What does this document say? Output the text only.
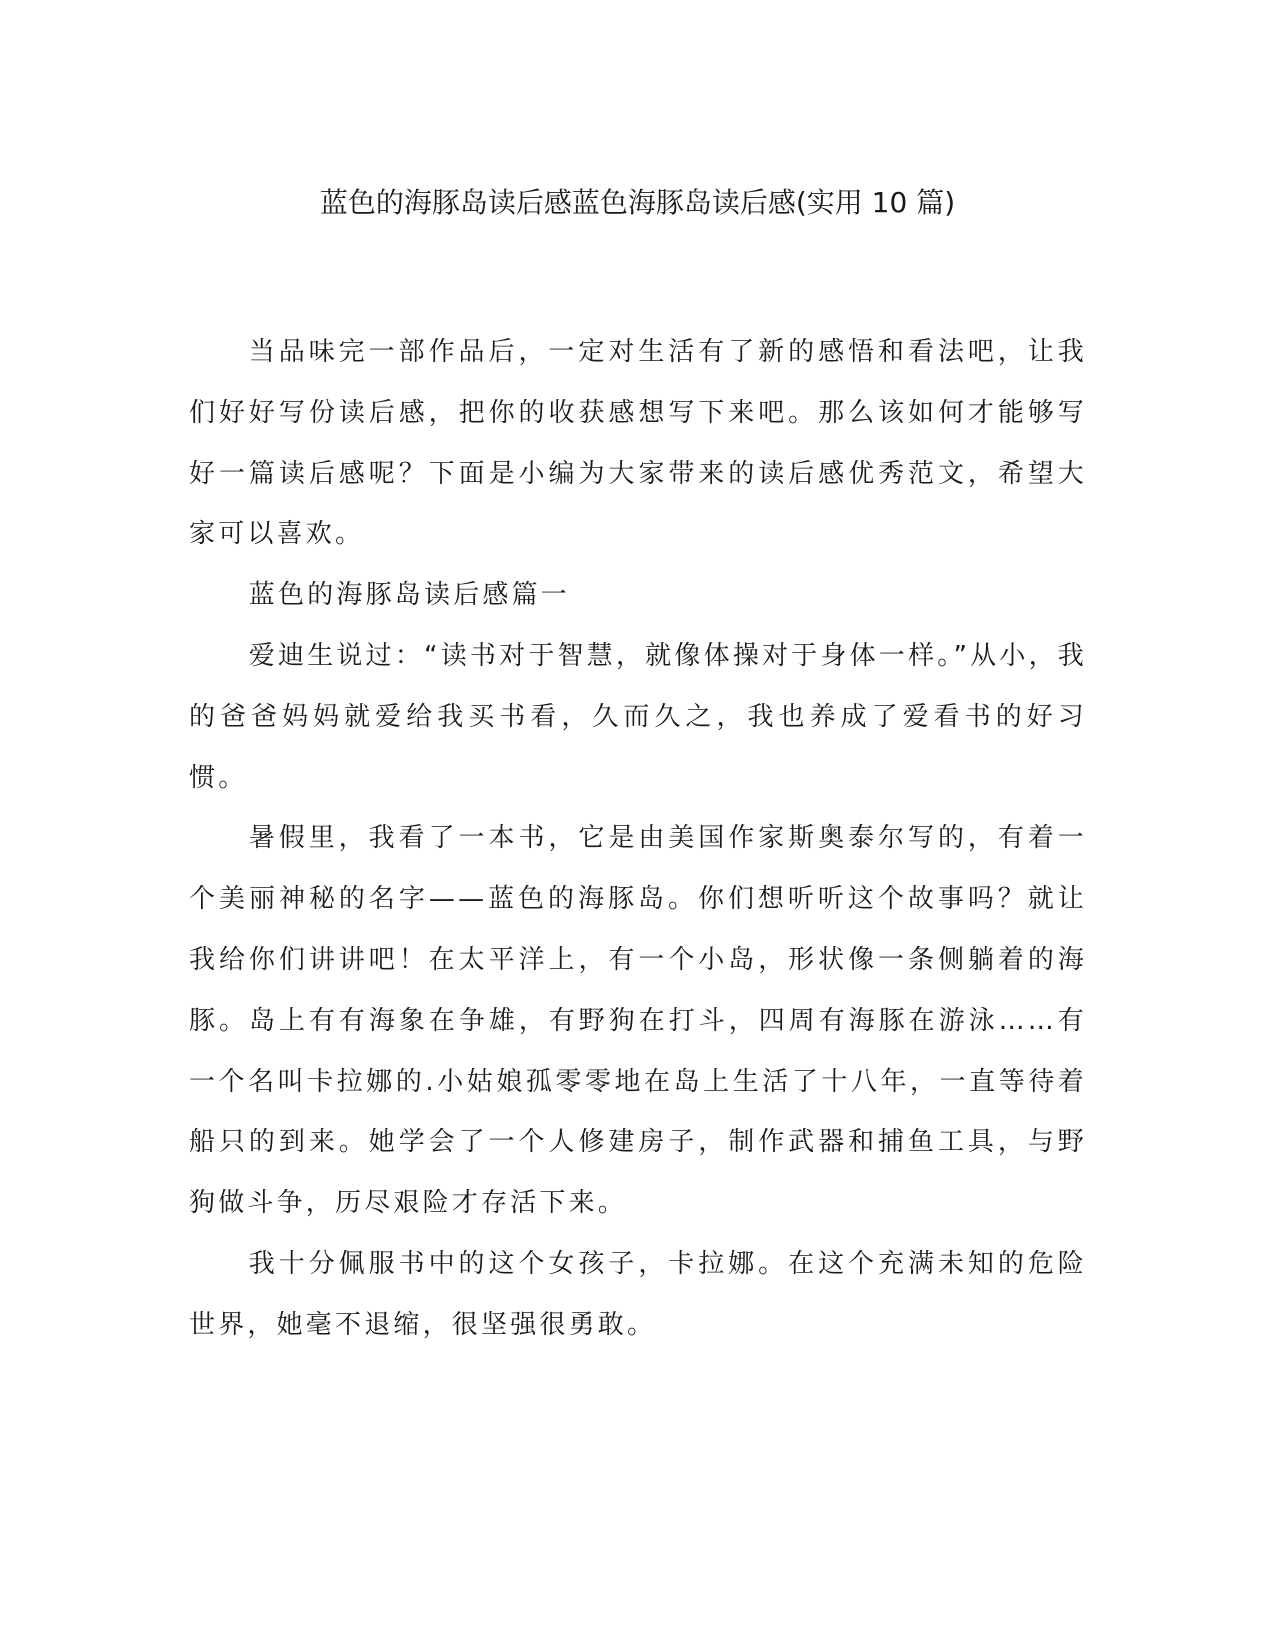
蓝色的海豚岛读后感蓝色海豚岛读后感(实用 10 篇)

当品味完一部作品后，一定对生活有了新的感悟和看法吧，让我们好好写份读后感，把你的收获感想写下来吧。那么该如何才能够写好一篇读后感呢？下面是小编为大家带来的读后感优秀范文，希望大家可以喜欢。

蓝色的海豚岛读后感篇一

爱迪生说过：“读书对于智慧，就像体操对于身体一样。”从小，我的爸爸妈妈就爱给我买书看，久而久之，我也养成了爱看书的好习惯。

暑假里，我看了一本书，它是由美国作家斯奥泰尔写的，有着一个美丽神秘的名字——蓝色的海豚岛。你们想听听这个故事吗？就让我给你们讲讲吧！在太平洋上，有一个小岛，形状像一条侧躺着的海豚。岛上有有海象在争雄，有野狗在打斗，四周有海豚在游泳……有一个名叫卡拉娜的.小姑娘孤零零地在岛上生活了十八年，一直等待着船只的到来。她学会了一个人修建房子，制作武器和捕鱼工具，与野狗做斗争，历尽艰险才存活下来。

我十分佩服书中的这个女孩子，卡拉娜。在这个充满未知的危险世界，她毫不退缩，很坚强很勇敢。
